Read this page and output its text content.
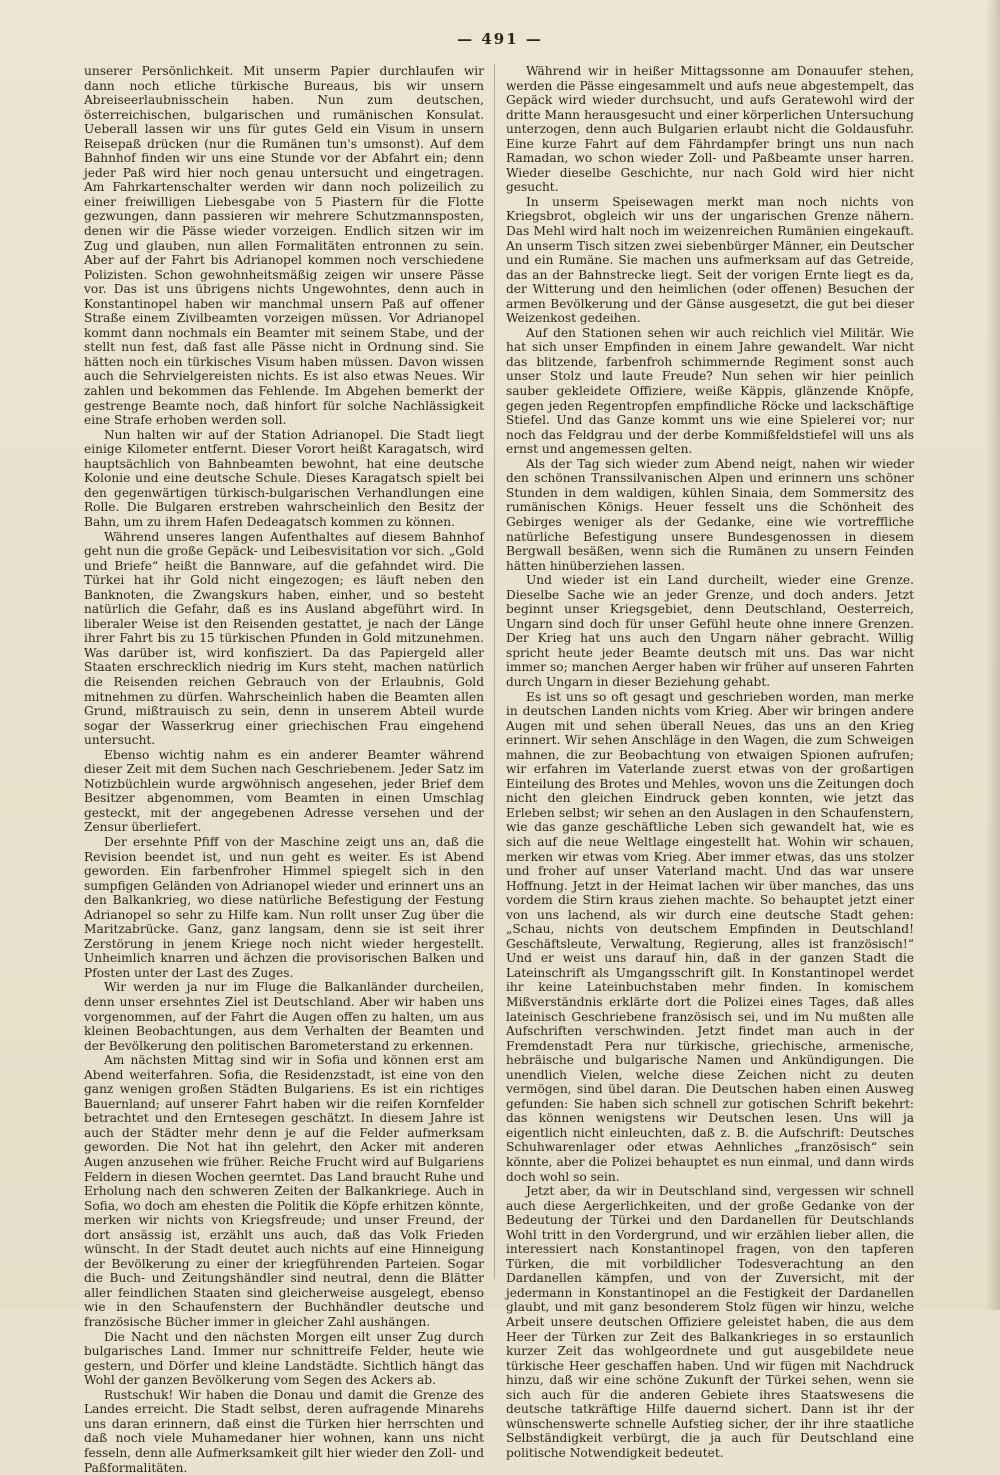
— 491 —

unserer Persönlichkeit. Mit unserm Papier durchlaufen wir dann noch etliche türkische Bureaus, bis wir unsern Abreiseerlaubnisschein haben. Nun zum deutschen, österreichischen, bulgarischen und rumänischen Konsulat. Ueberall lassen wir uns für gutes Geld ein Visum in unsern Reisepaß drücken (nur die Rumänen tun's umsonst). Auf dem Bahnhof finden wir uns eine Stunde vor der Abfahrt ein; denn jeder Paß wird hier noch genau untersucht und eingetragen. Am Fahrkartenschalter werden wir dann noch polizeilich zu einer freiwilligen Liebesgabe von 5 Piastern für die Flotte gezwungen, dann passieren wir mehrere Schutzmannsposten, denen wir die Pässe wieder vorzeigen. Endlich sitzen wir im Zug und glauben, nun allen Formalitäten entronnen zu sein. Aber auf der Fahrt bis Adrianopel kommen noch verschiedene Polizisten. Schon gewohnheitsmäßig zeigen wir unsere Pässe vor. Das ist uns übrigens nichts Ungewohntes, denn auch in Konstantinopel haben wir manchmal unsern Paß auf offener Straße einem Zivilbeamten vorzeigen müssen. Vor Adrianopel kommt dann nochmals ein Beamter mit seinem Stabe, und der stellt nun fest, daß fast alle Pässe nicht in Ordnung sind. Sie hätten noch ein türkisches Visum haben müssen. Davon wissen auch die Sehrvielgereisten nichts. Es ist also etwas Neues. Wir zahlen und bekommen das Fehlende. Im Abgehen bemerkt der gestrenge Beamte noch, daß hinfort für solche Nachlässigkeit eine Strafe erhoben werden soll.

Nun halten wir auf der Station Adrianopel. Die Stadt liegt einige Kilometer entfernt. Dieser Vorort heißt Karagatsch, wird hauptsächlich von Bahnbeamten bewohnt, hat eine deutsche Kolonie und eine deutsche Schule. Dieses Karagatsch spielt bei den gegenwärtigen türkisch-bulgarischen Verhandlungen eine Rolle. Die Bulgaren erstreben wahrscheinlich den Besitz der Bahn, um zu ihrem Hafen Dedeagatsch kommen zu können.

Während unseres langen Aufenthaltes auf diesem Bahnhof geht nun die große Gepäck- und Leibesvisitation vor sich. „Gold und Briefe“ heißt die Bannware, auf die gefahndet wird. Die Türkei hat ihr Gold nicht eingezogen; es läuft neben den Banknoten, die Zwangskurs haben, einher, und so besteht natürlich die Gefahr, daß es ins Ausland abgeführt wird. In liberaler Weise ist den Reisenden gestattet, je nach der Länge ihrer Fahrt bis zu 15 türkischen Pfunden in Gold mitzunehmen. Was darüber ist, wird konfisziert. Da das Papiergeld aller Staaten erschrecklich niedrig im Kurs steht, machen natürlich die Reisenden reichen Gebrauch von der Erlaubnis, Gold mitnehmen zu dürfen. Wahrscheinlich haben die Beamten allen Grund, mißtrauisch zu sein, denn in unserem Abteil wurde sogar der Wasserkrug einer griechischen Frau eingehend untersucht.

Ebenso wichtig nahm es ein anderer Beamter während dieser Zeit mit dem Suchen nach Geschriebenem. Jeder Satz im Notizbüchlein wurde argwöhnisch angesehen, jeder Brief dem Besitzer abgenommen, vom Beamten in einen Umschlag gesteckt, mit der angegebenen Adresse versehen und der Zensur überliefert.

Der ersehnte Pfiff von der Maschine zeigt uns an, daß die Revision beendet ist, und nun geht es weiter. Es ist Abend geworden. Ein farbenfroher Himmel spiegelt sich in den sumpfigen Geländen von Adrianopel wieder und erinnert uns an den Balkankrieg, wo diese natürliche Befestigung der Festung Adrianopel so sehr zu Hilfe kam. Nun rollt unser Zug über die Maritzabrücke. Ganz, ganz langsam, denn sie ist seit ihrer Zerstörung in jenem Kriege noch nicht wieder hergestellt. Unheimlich knarren und ächzen die provisorischen Balken und Pfosten unter der Last des Zuges.

Wir werden ja nur im Fluge die Balkanländer durcheilen, denn unser ersehntes Ziel ist Deutschland. Aber wir haben uns vorgenommen, auf der Fahrt die Augen offen zu halten, um aus kleinen Beobachtungen, aus dem Verhalten der Beamten und der Bevölkerung den politischen Barometerstand zu erkennen.

Am nächsten Mittag sind wir in Sofia und können erst am Abend weiterfahren. Sofia, die Residenzstadt, ist eine von den ganz wenigen großen Städten Bulgariens. Es ist ein richtiges Bauernland; auf unserer Fahrt haben wir die reifen Kornfelder betrachtet und den Erntesegen geschätzt. In diesem Jahre ist auch der Städter mehr denn je auf die Felder aufmerksam geworden. Die Not hat ihn gelehrt, den Acker mit anderen Augen anzusehen wie früher. Reiche Frucht wird auf Bulgariens Feldern in diesen Wochen geerntet. Das Land braucht Ruhe und Erholung nach den schweren Zeiten der Balkankriege. Auch in Sofia, wo doch am ehesten die Politik die Köpfe erhitzen könnte, merken wir nichts von Kriegsfreude; und unser Freund, der dort ansässig ist, erzählt uns auch, daß das Volk Frieden wünscht. In der Stadt deutet auch nichts auf eine Hinneigung der Bevölkerung zu einer der kriegführenden Parteien. Sogar die Buch- und Zeitungshändler sind neutral, denn die Blätter aller feindlichen Staaten sind gleicherweise ausgelegt, ebenso wie in den Schaufenstern der Buchhändler deutsche und französische Bücher immer in gleicher Zahl aushängen.

Die Nacht und den nächsten Morgen eilt unser Zug durch bulgarisches Land. Immer nur schnittreife Felder, heute wie gestern, und Dörfer und kleine Landstädte. Sichtlich hängt das Wohl der ganzen Bevölkerung vom Segen des Ackers ab.

Rustschuk! Wir haben die Donau und damit die Grenze des Landes erreicht. Die Stadt selbst, deren aufragende Minarehs uns daran erinnern, daß einst die Türken hier herrschten und daß noch viele Muhamedaner hier wohnen, kann uns nicht fesseln, denn alle Aufmerksamkeit gilt hier wieder den Zoll- und Paßformalitäten.

Während wir in heißer Mittagssonne am Donauufer stehen, werden die Pässe eingesammelt und aufs neue abgestempelt, das Gepäck wird wieder durchsucht, und aufs Geratewohl wird der dritte Mann herausgesucht und einer körperlichen Untersuchung unterzogen, denn auch Bulgarien erlaubt nicht die Goldausfuhr. Eine kurze Fahrt auf dem Fährdampfer bringt uns nun nach Ramadan, wo schon wieder Zoll- und Paßbeamte unser harren. Wieder dieselbe Geschichte, nur nach Gold wird hier nicht gesucht.

In unserm Speisewagen merkt man noch nichts von Kriegsbrot, obgleich wir uns der ungarischen Grenze nähern. Das Mehl wird halt noch im weizenreichen Rumänien eingekauft. An unserm Tisch sitzen zwei siebenbürger Männer, ein Deutscher und ein Rumäne. Sie machen uns aufmerksam auf das Getreide, das an der Bahnstrecke liegt. Seit der vorigen Ernte liegt es da, der Witterung und den heimlichen (oder offenen) Besuchen der armen Bevölkerung und der Gänse ausgesetzt, die gut bei dieser Weizenkost gedeihen.

Auf den Stationen sehen wir auch reichlich viel Militär. Wie hat sich unser Empfinden in einem Jahre gewandelt. War nicht das blitzende, farbenfroh schimmernde Regiment sonst auch unser Stolz und laute Freude? Nun sehen wir hier peinlich sauber gekleidete Offiziere, weiße Käppis, glänzende Knöpfe, gegen jeden Regentropfen empfindliche Röcke und lackschäftige Stiefel. Und das Ganze kommt uns wie eine Spielerei vor; nur noch das Feldgrau und der derbe Kommißfeldstiefel will uns als ernst und angemessen gelten.

Als der Tag sich wieder zum Abend neigt, nahen wir wieder den schönen Transsilvanischen Alpen und erinnern uns schöner Stunden in dem waldigen, kühlen Sinaia, dem Sommersitz des rumänischen Königs. Heuer fesselt uns die Schönheit des Gebirges weniger als der Gedanke, eine wie vortreffliche natürliche Befestigung unsere Bundesgenossen in diesem Bergwall besäßen, wenn sich die Rumänen zu unsern Feinden hätten hinüberziehen lassen.

Und wieder ist ein Land durcheilt, wieder eine Grenze. Dieselbe Sache wie an jeder Grenze, und doch anders. Jetzt beginnt unser Kriegsgebiet, denn Deutschland, Oesterreich, Ungarn sind doch für unser Gefühl heute ohne innere Grenzen. Der Krieg hat uns auch den Ungarn näher gebracht. Willig spricht heute jeder Beamte deutsch mit uns. Das war nicht immer so; manchen Aerger haben wir früher auf unseren Fahrten durch Ungarn in dieser Beziehung gehabt.

Es ist uns so oft gesagt und geschrieben worden, man merke in deutschen Landen nichts vom Krieg. Aber wir bringen andere Augen mit und sehen überall Neues, das uns an den Krieg erinnert. Wir sehen Anschläge in den Wagen, die zum Schweigen mahnen, die zur Beobachtung von etwaigen Spionen aufrufen; wir erfahren im Vaterlande zuerst etwas von der großartigen Einteilung des Brotes und Mehles, wovon uns die Zeitungen doch nicht den gleichen Eindruck geben konnten, wie jetzt das Erleben selbst; wir sehen an den Auslagen in den Schaufenstern, wie das ganze geschäftliche Leben sich gewandelt hat, wie es sich auf die neue Weltlage eingestellt hat. Wohin wir schauen, merken wir etwas vom Krieg. Aber immer etwas, das uns stolzer und froher auf unser Vaterland macht. Und das war unsere Hoffnung. Jetzt in der Heimat lachen wir über manches, das uns vordem die Stirn kraus ziehen machte. So behauptet jetzt einer von uns lachend, als wir durch eine deutsche Stadt gehen: „Schau, nichts von deutschem Empfinden in Deutschland! Geschäftsleute, Verwaltung, Regierung, alles ist französisch!“ Und er weist uns darauf hin, daß in der ganzen Stadt die Lateinschrift als Umgangsschrift gilt. In Konstantinopel werdet ihr keine Lateinbuchstaben mehr finden. In komischem Mißverständnis erklärte dort die Polizei eines Tages, daß alles lateinisch Geschriebene französisch sei, und im Nu mußten alle Aufschriften verschwinden. Jetzt findet man auch in der Fremdenstadt Pera nur türkische, griechische, armenische, hebräische und bulgarische Namen und Ankündigungen. Die unendlich Vielen, welche diese Zeichen nicht zu deuten vermögen, sind übel daran. Die Deutschen haben einen Ausweg gefunden: Sie haben sich schnell zur gotischen Schrift bekehrt: das können wenigstens wir Deutschen lesen. Uns will ja eigentlich nicht einleuchten, daß z. B. die Aufschrift: Deutsches Schuhwarenlager oder etwas Aehnliches „französisch“ sein könnte, aber die Polizei behauptet es nun einmal, und dann wirds doch wohl so sein.

Jetzt aber, da wir in Deutschland sind, vergessen wir schnell auch diese Aergerlichkeiten, und der große Gedanke von der Bedeutung der Türkei und den Dardanellen für Deutschlands Wohl tritt in den Vordergrund, und wir erzählen lieber allen, die interessiert nach Konstantinopel fragen, von den tapferen Türken, die mit vorbildlicher Todesverachtung an den Dardanellen kämpfen, und von der Zuversicht, mit der jedermann in Konstantinopel an die Festigkeit der Dardanellen glaubt, und mit ganz besonderem Stolz fügen wir hinzu, welche Arbeit unsere deutschen Offiziere geleistet haben, die aus dem Heer der Türken zur Zeit des Balkankrieges in so erstaunlich kurzer Zeit das wohlgeordnete und gut ausgebildete neue türkische Heer geschaffen haben. Und wir fügen mit Nachdruck hinzu, daß wir eine schöne Zukunft der Türkei sehen, wenn sie sich auch für die anderen Gebiete ihres Staatswesens die deutsche tatkräftige Hilfe dauernd sichert. Dann ist ihr der wünschenswerte schnelle Aufstieg sicher, der ihr ihre staatliche Selbständigkeit verbürgt, die ja auch für Deutschland eine politische Notwendigkeit bedeutet.
